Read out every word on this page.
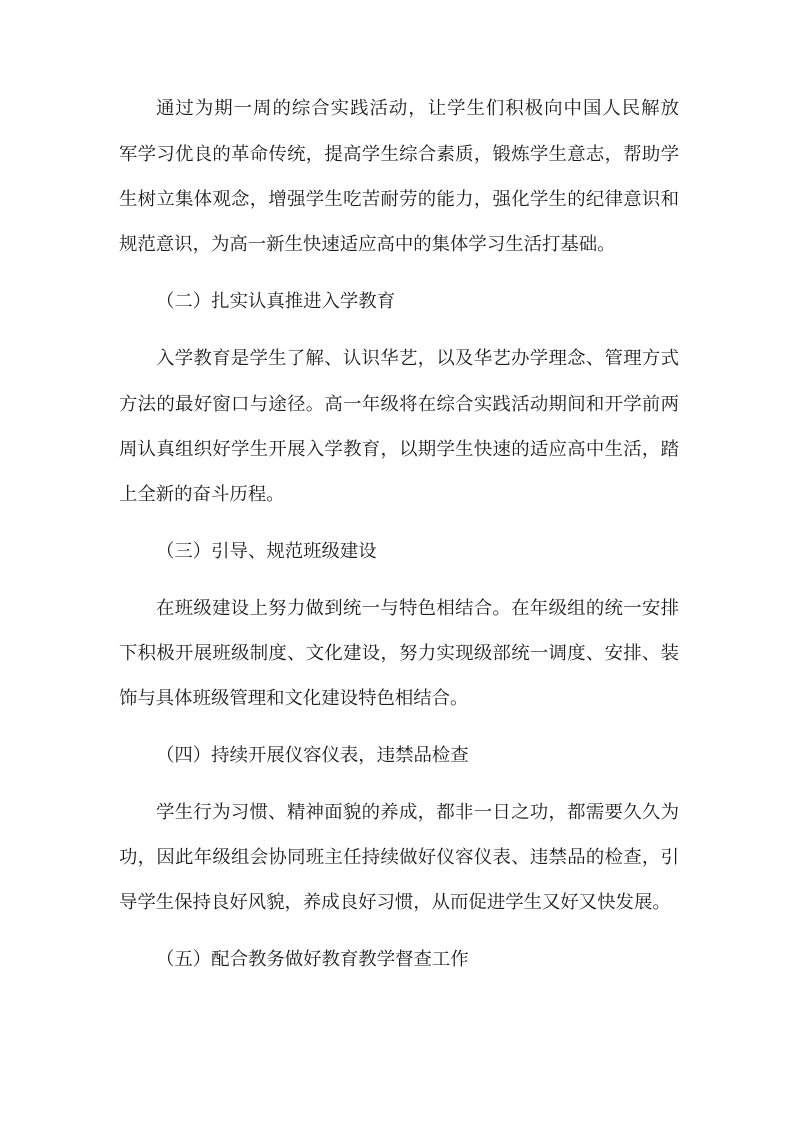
通过为期一周的综合实践活动，让学生们积极向中国人民解放
军学习优良的革命传统，提高学生综合素质，锻炼学生意志，帮助学
生树立集体观念，增强学生吃苦耐劳的能力，强化学生的纪律意识和
规范意识，为高一新生快速适应高中的集体学习生活打基础。
（二）扎实认真推进入学教育
入学教育是学生了解、认识华艺，以及华艺办学理念、管理方式
方法的最好窗口与途径。高一年级将在综合实践活动期间和开学前两
周认真组织好学生开展入学教育，以期学生快速的适应高中生活，踏
上全新的奋斗历程。
（三）引导、规范班级建设
在班级建设上努力做到统一与特色相结合。在年级组的统一安排
下积极开展班级制度、文化建设，努力实现级部统一调度、安排、装
饰与具体班级管理和文化建设特色相结合。
（四）持续开展仪容仪表，违禁品检查
学生行为习惯、精神面貌的养成，都非一日之功，都需要久久为
功，因此年级组会协同班主任持续做好仪容仪表、违禁品的检查，引
导学生保持良好风貌，养成良好习惯，从而促进学生又好又快发展。
（五）配合教务做好教育教学督查工作
